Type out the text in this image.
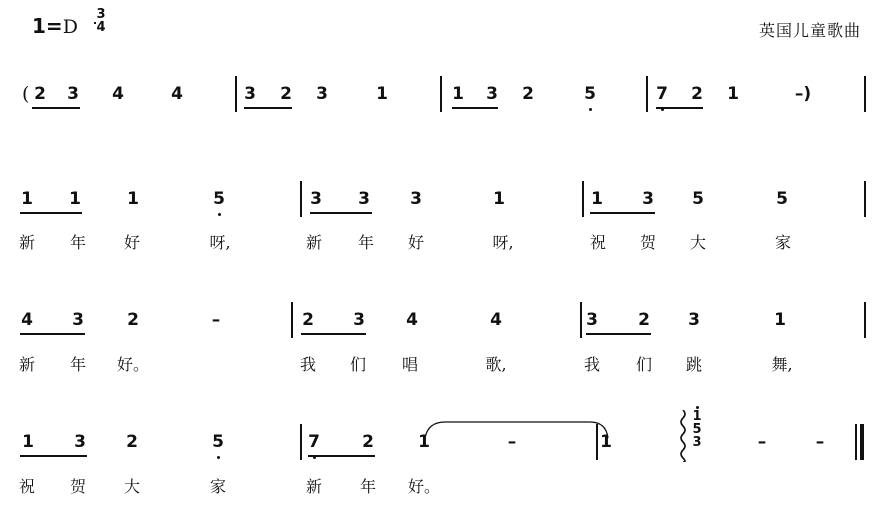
1=D
3
4	英国儿童歌曲
1
5
3
( 2 3 4	4	3 2 3	1	1 3 2	5	7 2 1	–)
1 1	1	5	3 3 3	1	1 3 5	5
新 年 好	呀,	新 年 好	呀,	祝 贺 大	家
4 3	2	–	2 3 4	4	3 2 3	1
新 年 好。	我 们 唱	歌,	我 们 跳	舞,
1 3 2	5	7 2	1	–	1	–	–
祝 贺 大	家	新 年 好。
